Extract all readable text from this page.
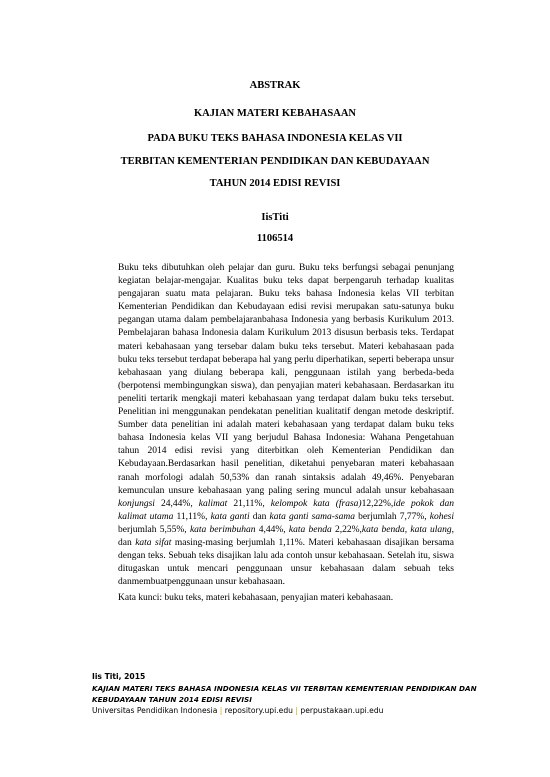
ABSTRAK
KAJIAN MATERI KEBAHASAAN
PADA BUKU TEKS BAHASA INDONESIA KELAS VII
TERBITAN KEMENTERIAN PENDIDIKAN DAN KEBUDAYAAN
TAHUN 2014 EDISI REVISI
IisTiti
1106514

Buku teks dibutuhkan oleh pelajar dan guru. Buku teks berfungsi sebagai penunjang kegiatan belajar-mengajar. Kualitas buku teks dapat berpengaruh terhadap kualitas pengajaran suatu mata pelajaran. Buku teks bahasa Indonesia kelas VII terbitan Kementerian Pendidikan dan Kebudayaan edisi revisi merupakan satu-satunya buku pegangan utama dalam pembelajaranbahasa Indonesia yang berbasis Kurikulum 2013. Pembelajaran bahasa Indonesia dalam Kurikulum 2013 disusun berbasis teks. Terdapat materi kebahasaan yang tersebar dalam buku teks tersebut. Materi kebahasaan pada buku teks tersebut terdapat beberapa hal yang perlu diperhatikan, seperti beberapa unsur kebahasaan yang diulang beberapa kali, penggunaan istilah yang berbeda-beda (berpotensi membingungkan siswa), dan penyajian materi kebahasaan. Berdasarkan itu peneliti tertarik mengkaji materi kebahasaan yang terdapat dalam buku teks tersebut. Penelitian ini menggunakan pendekatan penelitian kualitatif dengan metode deskriptif. Sumber data penelitian ini adalah materi kebahasaan yang terdapat dalam buku teks bahasa Indonesia kelas VII yang berjudul Bahasa Indonesia: Wahana Pengetahuan tahun 2014 edisi revisi yang diterbitkan oleh Kementerian Pendidikan dan Kebudayaan.Berdasarkan hasil penelitian, diketahui penyebaran materi kebahasaan ranah morfologi adalah 50,53% dan ranah sintaksis adalah 49,46%. Penyebaran kemunculan unsure kebahasaan yang paling sering muncul adalah unsur kebahasaan konjungsi 24,44%, kalimat 21,11%, kelompok kata (frasa)12,22%,ide pokok dan kalimat utama 11,11%, kata ganti dan kata ganti sama-sama berjumlah 7,77%, kohesi berjumlah 5,55%, kata berimbuhan 4,44%, kata benda 2,22%,kata benda, kata ulang, dan kata sifat masing-masing berjumlah 1,11%. Materi kebahasaan disajikan bersama dengan teks. Sebuah teks disajikan lalu ada contoh unsur kebahasaan. Setelah itu, siswa ditugaskan untuk mencari penggunaan unsur kebahasaan dalam sebuah teks danmembuatpenggunaan unsur kebahasaan.

Kata kunci: buku teks, materi kebahasaan, penyajian materi kebahasaan.

Iis Titi, 2015
KAJIAN MATERI TEKS BAHASA INDONESIA KELAS VII TERBITAN KEMENTERIAN PENDIDIKAN DAN
KEBUDAYAAN TAHUN 2014 EDISI REVISI
Universitas Pendidikan Indonesia | repository.upi.edu | perpustakaan.upi.edu
